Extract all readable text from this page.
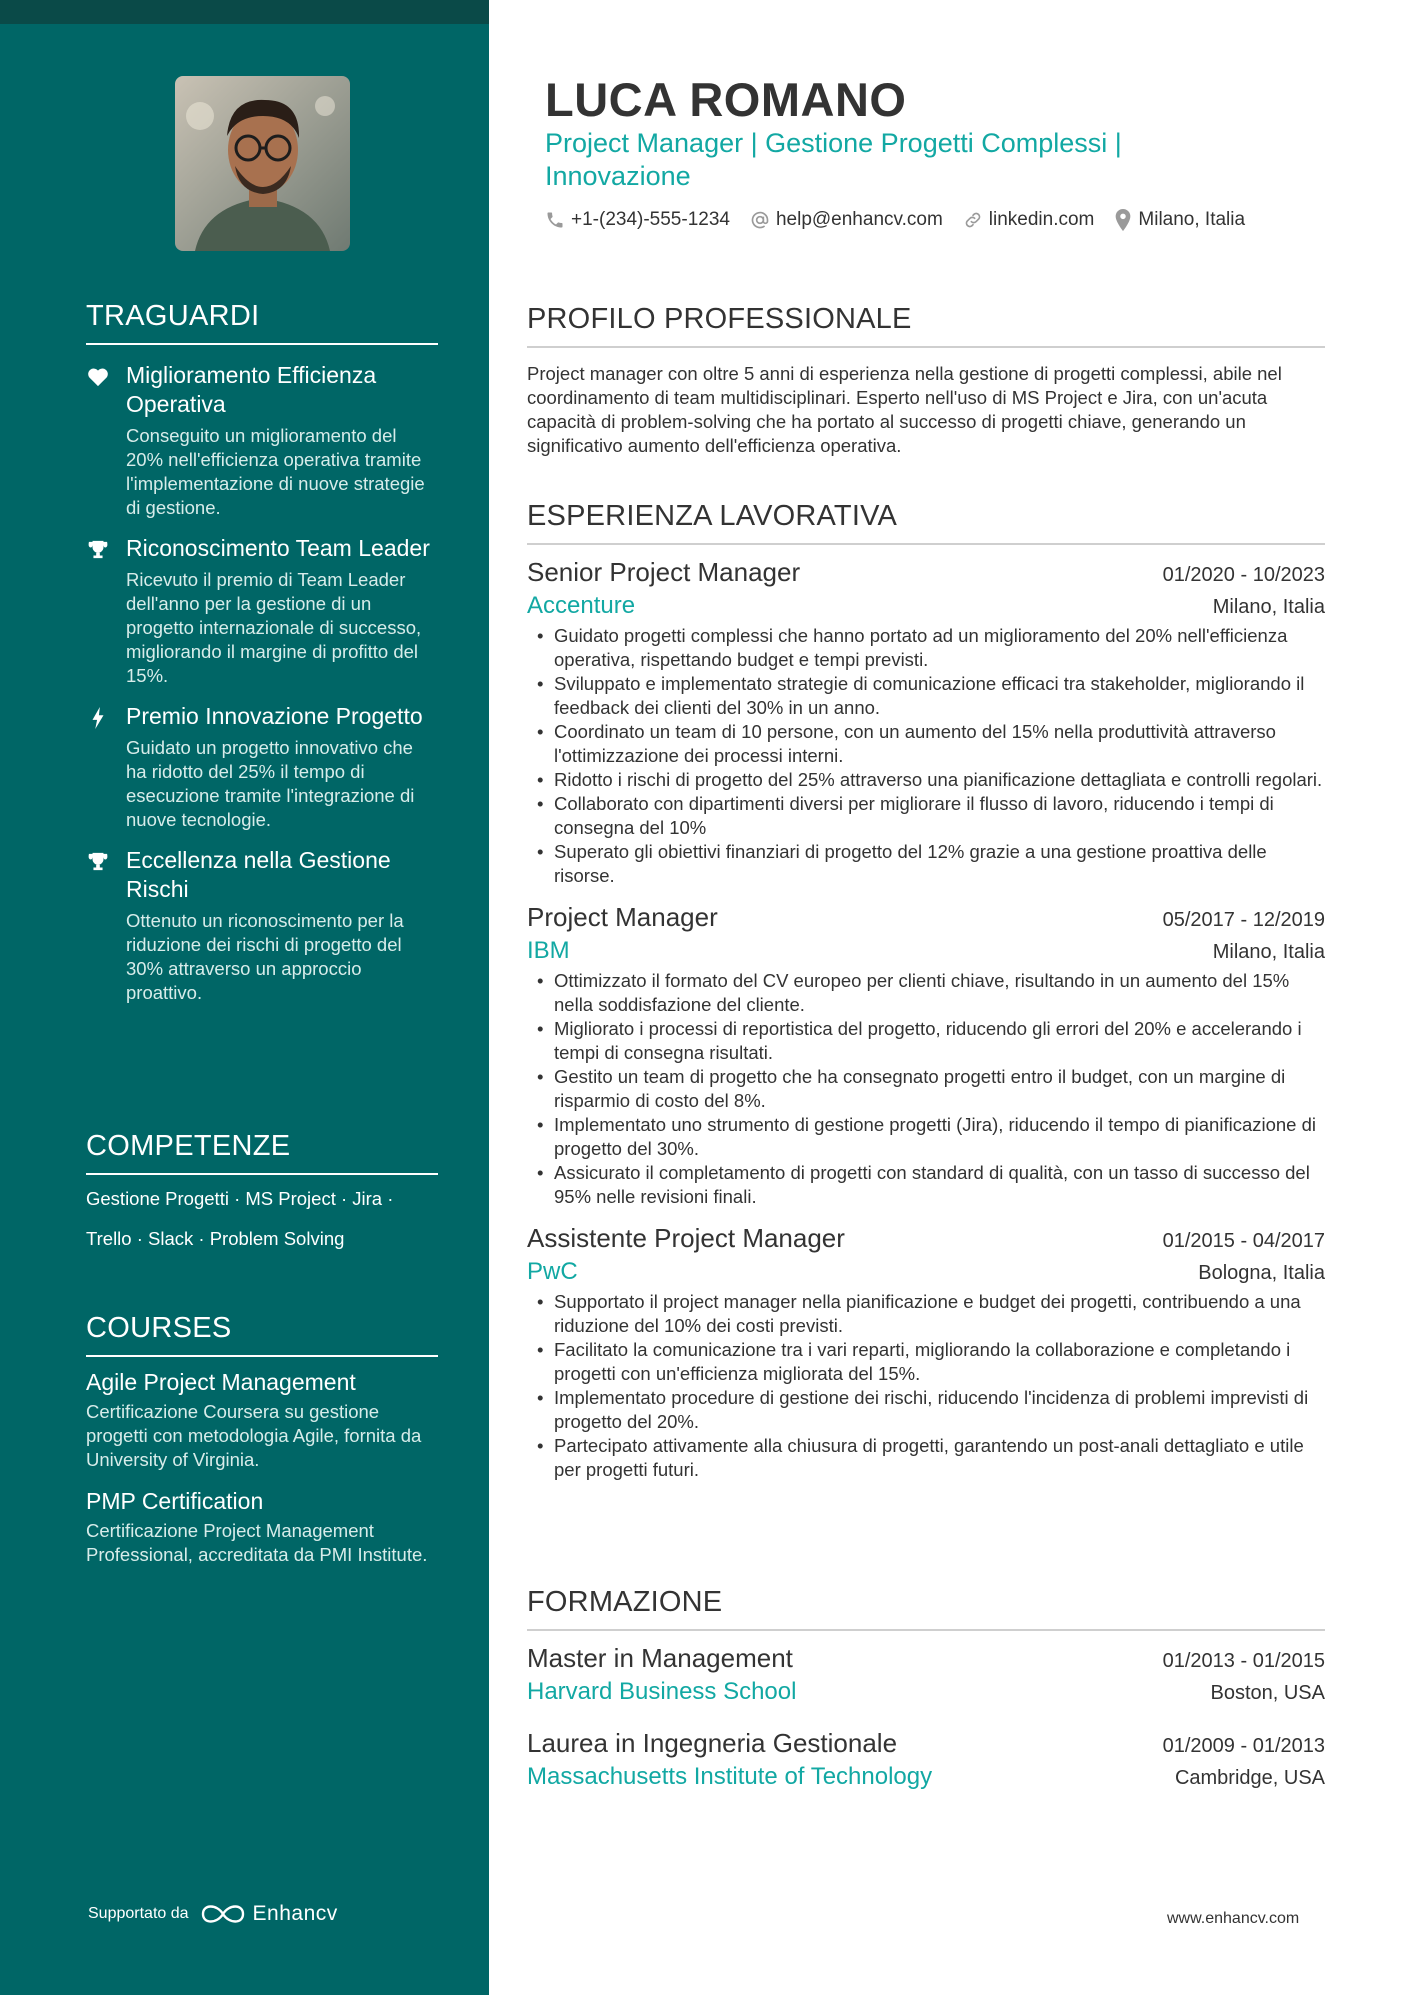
TRAGUARDI
Miglioramento Efficienza Operativa
Conseguito un miglioramento del 20% nell'efficienza operativa tramite l'implementazione di nuove strategie di gestione.
Riconoscimento Team Leader
Ricevuto il premio di Team Leader dell'anno per la gestione di un progetto internazionale di successo, migliorando il margine di profitto del 15%.
Premio Innovazione Progetto
Guidato un progetto innovativo che ha ridotto del 25% il tempo di esecuzione tramite l'integrazione di nuove tecnologie.
Eccellenza nella Gestione Rischi
Ottenuto un riconoscimento per la riduzione dei rischi di progetto del 30% attraverso un approccio proattivo.
COMPETENZE
Gestione Progetti · MS Project · Jira ·
Trello · Slack · Problem Solving
COURSES
Agile Project Management
Certificazione Coursera su gestione progetti con metodologia Agile, fornita da University of Virginia.
PMP Certification
Certificazione Project Management Professional, accreditata da PMI Institute.
Supportato da	Enhancv
LUCA ROMANO
Project Manager | Gestione Progetti Complessi | Innovazione
+1-(234)-555-1234 help@enhancv.com linkedin.com Milano, Italia
PROFILO PROFESSIONALE
Project manager con oltre 5 anni di esperienza nella gestione di progetti complessi, abile nel coordinamento di team multidisciplinari. Esperto nell'uso di MS Project e Jira, con un'acuta capacità di problem-solving che ha portato al successo di progetti chiave, generando un significativo aumento dell'efficienza operativa.
ESPERIENZA LAVORATIVA
Senior Project Manager	01/2020 - 10/2023
Accenture	Milano, Italia
• Guidato progetti complessi che hanno portato ad un miglioramento del 20% nell'efficienza operativa, rispettando budget e tempi previsti.
• Sviluppato e implementato strategie di comunicazione efficaci tra stakeholder, migliorando il feedback dei clienti del 30% in un anno.
• Coordinato un team di 10 persone, con un aumento del 15% nella produttività attraverso l'ottimizzazione dei processi interni.
• Ridotto i rischi di progetto del 25% attraverso una pianificazione dettagliata e controlli regolari.
• Collaborato con dipartimenti diversi per migliorare il flusso di lavoro, riducendo i tempi di consegna del 10%
• Superato gli obiettivi finanziari di progetto del 12% grazie a una gestione proattiva delle risorse.
Project Manager	05/2017 - 12/2019
IBM	Milano, Italia
• Ottimizzato il formato del CV europeo per clienti chiave, risultando in un aumento del 15% nella soddisfazione del cliente.
• Migliorato i processi di reportistica del progetto, riducendo gli errori del 20% e accelerando i tempi di consegna risultati.
• Gestito un team di progetto che ha consegnato progetti entro il budget, con un margine di risparmio di costo del 8%.
• Implementato uno strumento di gestione progetti (Jira), riducendo il tempo di pianificazione di progetto del 30%.
• Assicurato il completamento di progetti con standard di qualità, con un tasso di successo del 95% nelle revisioni finali.
Assistente Project Manager	01/2015 - 04/2017
PwC	Bologna, Italia
• Supportato il project manager nella pianificazione e budget dei progetti, contribuendo a una riduzione del 10% dei costi previsti.
• Facilitato la comunicazione tra i vari reparti, migliorando la collaborazione e completando i progetti con un'efficienza migliorata del 15%.
• Implementato procedure di gestione dei rischi, riducendo l'incidenza di problemi imprevisti di progetto del 20%.
• Partecipato attivamente alla chiusura di progetti, garantendo un post-anali dettagliato e utile per progetti futuri.
FORMAZIONE
Master in Management	01/2013 - 01/2015
Harvard Business School	Boston, USA
Laurea in Ingegneria Gestionale	01/2009 - 01/2013
Massachusetts Institute of Technology	Cambridge, USA
www.enhancv.com
